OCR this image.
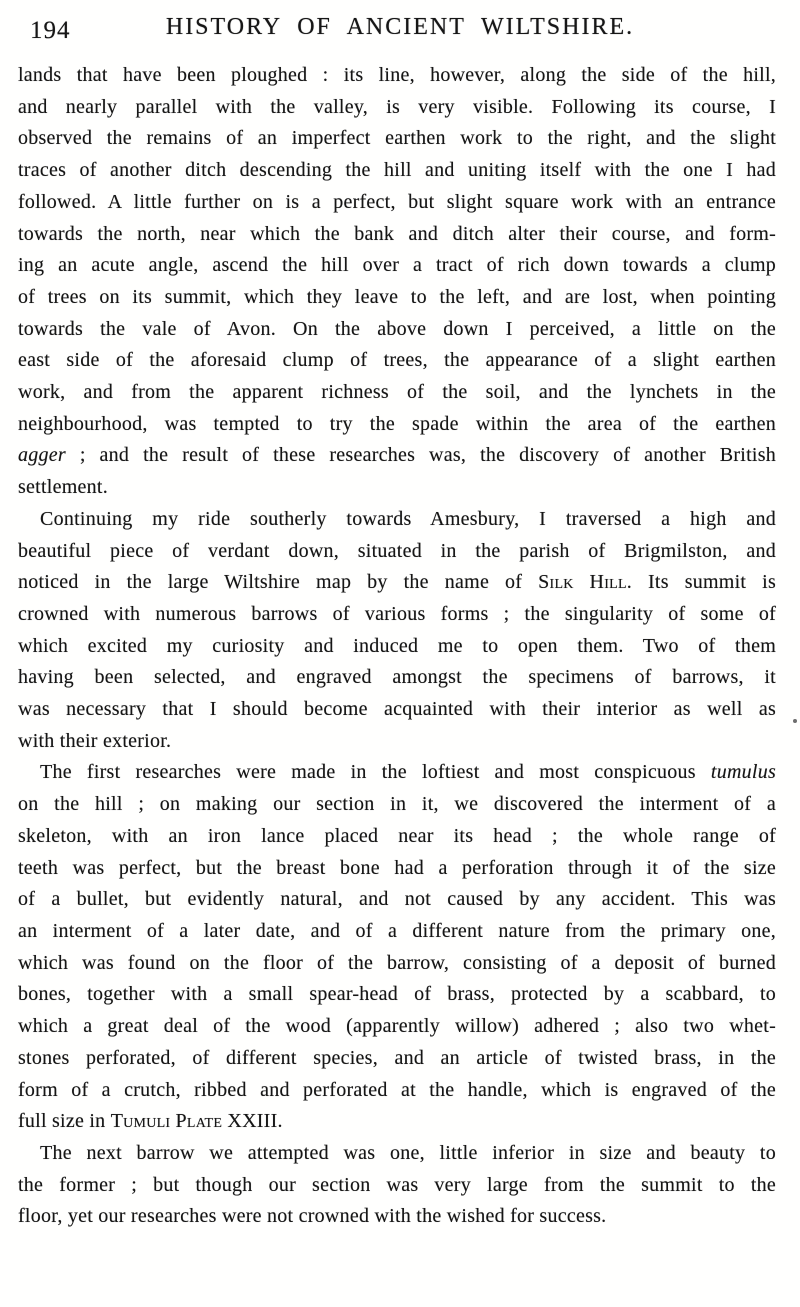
194	HISTORY OF ANCIENT WILTSHIRE.
lands that have been ploughed : its line, however, along the side of the hill,
and nearly parallel with the valley, is very visible. Following its course, I
observed the remains of an imperfect earthen work to the right, and the slight
traces of another ditch descending the hill and uniting itself with the one I had
followed. A little further on is a perfect, but slight square work with an entrance
towards the north, near which the bank and ditch alter their course, and form-
ing an acute angle, ascend the hill over a tract of rich down towards a clump
of trees on its summit, which they leave to the left, and are lost, when pointing
towards the vale of Avon. On the above down I perceived, a little on the
east side of the aforesaid clump of trees, the appearance of a slight earthen
work, and from the apparent richness of the soil, and the lynchets in the
neighbourhood, was tempted to try the spade within the area of the earthen
agger ; and the result of these researches was, the discovery of another British
settlement.
Continuing my ride southerly towards Amesbury, I traversed a high and
beautiful piece of verdant down, situated in the parish of Brigmilston, and
noticed in the large Wiltshire map by the name of Silk Hill. Its summit is
crowned with numerous barrows of various forms ; the singularity of some of
which excited my curiosity and induced me to open them. Two of them
having been selected, and engraved amongst the specimens of barrows, it
was necessary that I should become acquainted with their interior as well as
with their exterior.
The first researches were made in the loftiest and most conspicuous tumulus
on the hill ; on making our section in it, we discovered the interment of a
skeleton, with an iron lance placed near its head ; the whole range of
teeth was perfect, but the breast bone had a perforation through it of the size
of a bullet, but evidently natural, and not caused by any accident. This was
an interment of a later date, and of a different nature from the primary one,
which was found on the floor of the barrow, consisting of a deposit of burned
bones, together with a small spear-head of brass, protected by a scabbard, to
which a great deal of the wood (apparently willow) adhered ; also two whet-
stones perforated, of different species, and an article of twisted brass, in the
form of a crutch, ribbed and perforated at the handle, which is engraved of the
full size in Tumuli Plate XXIII.
The next barrow we attempted was one, little inferior in size and beauty to
the former ; but though our section was very large from the summit to the
floor, yet our researches were not crowned with the wished for success.
